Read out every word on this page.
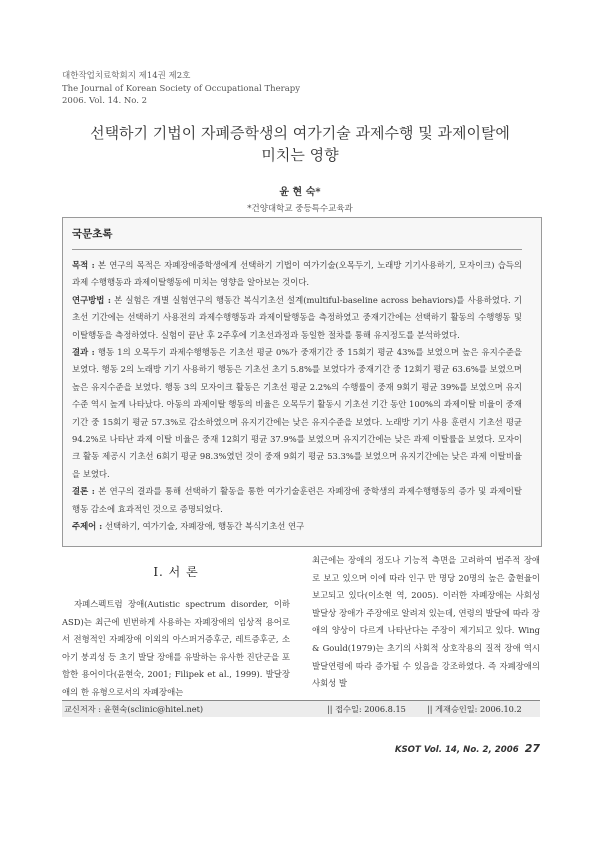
대한작업치료학회지 제14권 제2호
The Journal of Korean Society of Occupational Therapy
2006. Vol. 14. No. 2
선택하기 기법이 자폐증학생의 여가기술 과제수행 및 과제이탈에
미치는 영향
윤 현 숙*
*건양대학교 중등특수교육과
국문초록
목적 : 본 연구의 목적은 자폐장애증학생에게 선택하기 기법이 여가기술(오목두기, 노래방 기기사용하기, 모자이크) 습득의 과제 수행행동과 과제이탈행동에 미치는 영향을 알아보는 것이다.
연구방법 : 본 실험은 개별 실험연구의 행동간 복식기초선 설계(multiful-baseline across behaviors)를 사용하였다. 기초선 기간에는 선택하기 사용전의 과제수행행동과 과제이탈행동을 측정하였고 중재기간에는 선택하기 활동의 수행행동 및 이탈행동을 측정하였다. 실험이 끝난 후 2주후에 기초선과정과 동일한 절차를 통해 유지정도를 분석하였다.
결과 : 행동 1의 오목두기 과제수행행동은 기초선 평균 0%가 중재기간 중 15회기 평균 43%를 보였으며 높은 유지수준을 보였다. 행동 2의 노래방 기기 사용하기 행동은 기초선 초기 5.8%를 보였다가 중재기간 중 12회기 평균 63.6%를 보였으며 높은 유지수준을 보였다. 행동 3의 모자이크 활동은 기초선 평균 2.2%의 수행률이 중재 9회기 평균 39%를 보였으며 유지수준 역시 높게 나타났다. 아동의 과제이탈 행동의 비율은 오목두기 활동시 기초선 기간 동안 100%의 과제이탈 비율이 중재기간 중 15회기 평균 57.3%로 감소하였으며 유지기간에는 낮은 유지수준을 보였다. 노래방 기기 사용 훈련시 기초선 평균 94.2%로 나타난 과제 이탈 비율은 중재 12회기 평균 37.9%를 보였으며 유지기간에는 낮은 과제 이탈률을 보였다. 모자이크 활동 제공시 기초선 6회기 평균 98.3%였던 것이 중재 9회기 평균 53.3%를 보였으며 유지기간에는 낮은 과제 이탈비율을 보였다.
결론 : 본 연구의 결과를 통해 선택하기 활동을 통한 여가기술훈련은 자폐장애 중학생의 과제수행행동의 증가 및 과제이탈 행동 감소에 효과적인 것으로 증명되었다.
주제어 : 선택하기, 여가기술, 자폐장애, 행동간 복식기초선 연구
I. 서 론
자폐스펙트럼 장애(Autistic spectrum disorder, 이하 ASD)는 최근에 빈번하게 사용하는 자폐장애의 임상적 용어로서 전형적인 자폐장애 이외의 아스퍼거증후군, 레트증후군, 소아기 붕괴성 등 초기 발달 장애를 유발하는 유사한 진단군을 포함한 용어이다(윤현숙, 2001; Filipek et al., 1999). 발달장애의 한 유형으로서의 자폐장애는
최근에는 장애의 정도나 기능적 측면을 고려하여 범주적 장애로 보고 있으며 이에 따라 인구 만 명당 20명의 높은 출현율이 보고되고 있다(이소현 역, 2005). 이러한 자폐장애는 사회성 발달상 장애가 주장애로 알려져 있는데, 연령의 발달에 따라 장애의 양상이 다르게 나타난다는 주장이 제기되고 있다. Wing & Gould(1979)는 초기의 사회적 상호작용의 질적 장애 역시 발달연령에 따라 증가될 수 있음을 강조하였다. 즉 자폐장애의 사회성 발
교신저자 : 윤현숙(sclinic@hitel.net)	|| 접수일: 2006.8.15	|| 게재승인일: 2006.10.2
KSOT Vol. 14, No. 2, 2006 27
